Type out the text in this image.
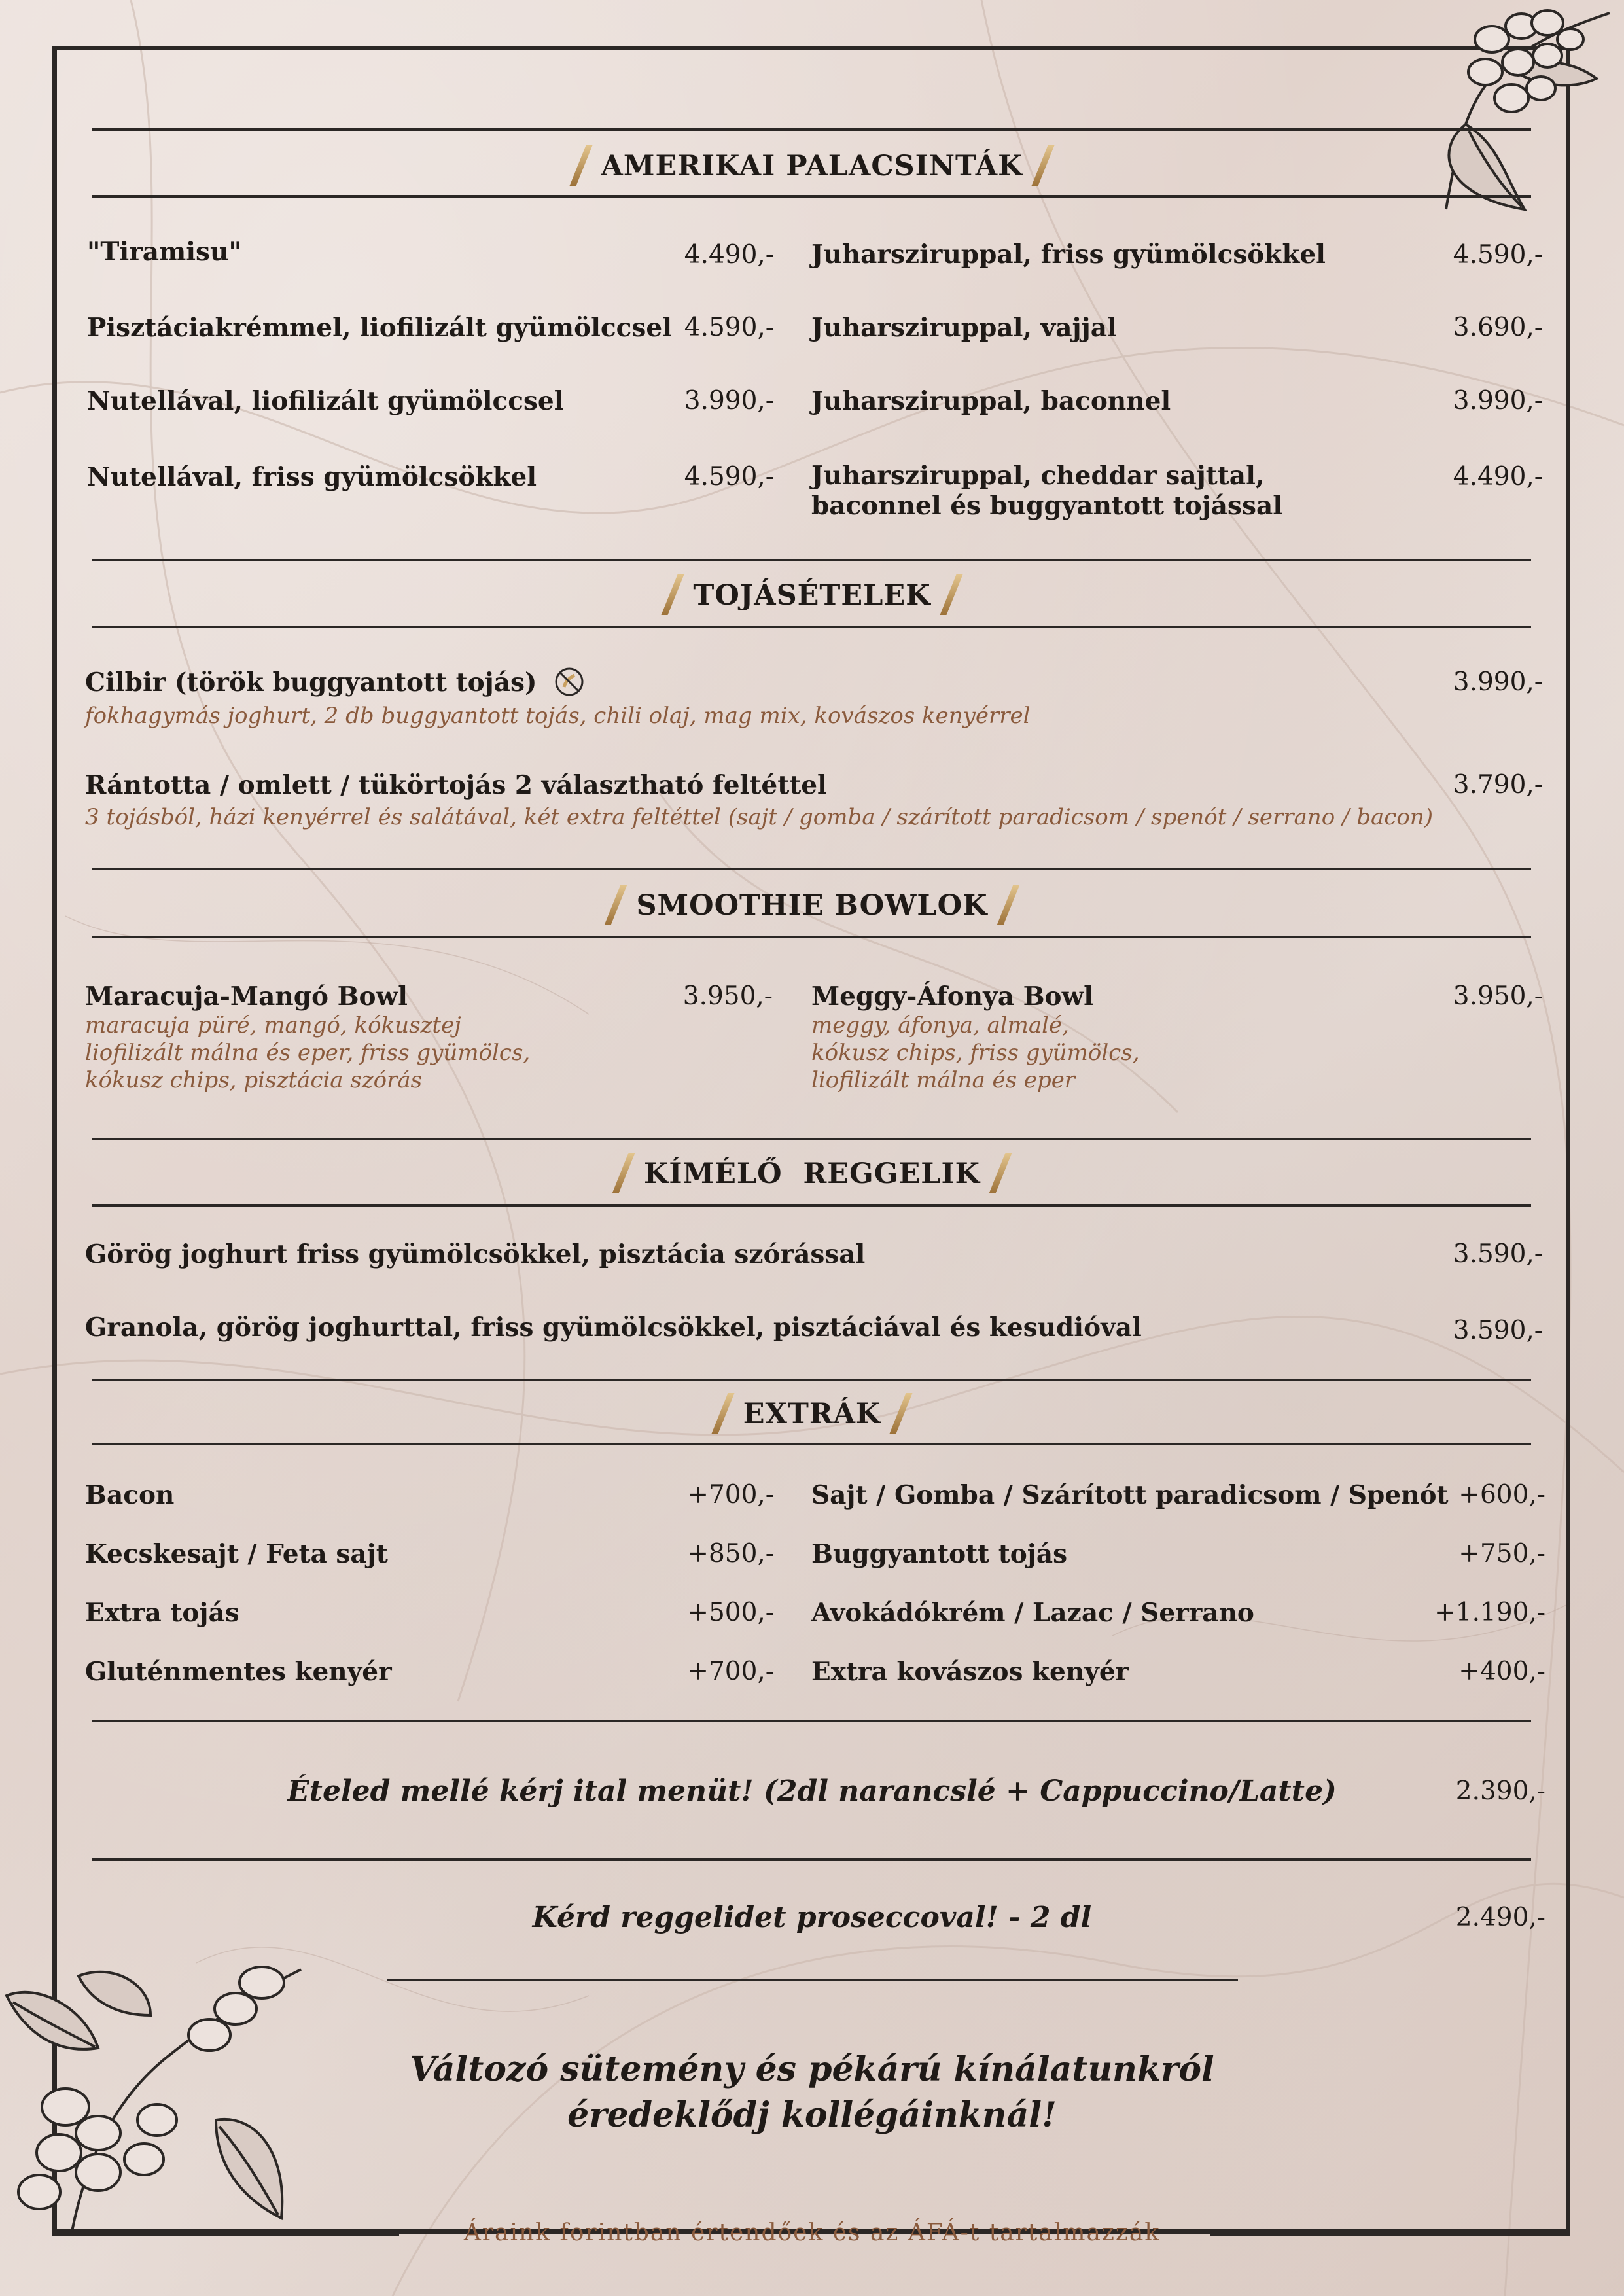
AMERIKAI PALACSINTÁK
"Tiramisu"	4.490,-
Pisztáciakrémmel, liofilizált gyümölccsel 4.590,-
Nutellával, liofilizált gyümölccsel	3.990,-
Nutellával, friss gyümölcsökkel	4.590,-
Juharsziruppal, friss gyümölcsökkel	4.590,-
Juharsziruppal, vajjal	3.690,-
Juharsziruppal, baconnel	3.990,-
Juharsziruppal, cheddar sajttal,
baconnel és buggyantott tojással
4.490,-
TOJÁSÉTELEK
Cilbir (török buggyantott tojás)	3.990,-
fokhagymás joghurt, 2 db buggyantott tojás, chili olaj, mag mix, kovászos kenyérrel
Rántotta / omlett / tükörtojás 2 választható feltéttel	3.790,-
3 tojásból, házi kenyérrel és salátával, két extra feltéttel (sajt / gomba / szárított paradicsom / spenót / serrano / bacon)
SMOOTHIE BOWLOK
Maracuja-Mangó Bowl	3.950,-
maracuja püré, mangó, kókusztej
liofilizált málna és eper, friss gyümölcs,
kókusz chips, pisztácia szórás
Meggy-Áfonya Bowl	3.950,-
meggy, áfonya, almalé,
kókusz chips, friss gyümölcs,
liofilizált málna és eper
KÍMÉLŐ  REGGELIK
Görög joghurt friss gyümölcsökkel, pisztácia szórással	3.590,-
Granola, görög joghurttal, friss gyümölcsökkel, pisztáciával és kesudióval	3.590,-
EXTRÁK
Bacon	+700,-
Kecskesajt / Feta sajt	+850,-
Extra tojás	+500,-
Gluténmentes kenyér	+700,-
Sajt / Gomba / Szárított paradicsom / Spenót +600,-
Buggyantott tojás	+750,-
Avokádókrém / Lazac / Serrano	+1.190,-
Extra kovászos kenyér	+400,-
Ételed mellé kérj ital menüt! (2dl narancslé + Cappuccino/Latte)	2.390,-
Kérd reggelidet proseccoval! - 2 dl	2.490,-
Változó sütemény és pékárú kínálatunkról
éredeklődj kollégáinknál!
Áraink forintban értendőek és az ÁFÁ-t tartalmazzák
